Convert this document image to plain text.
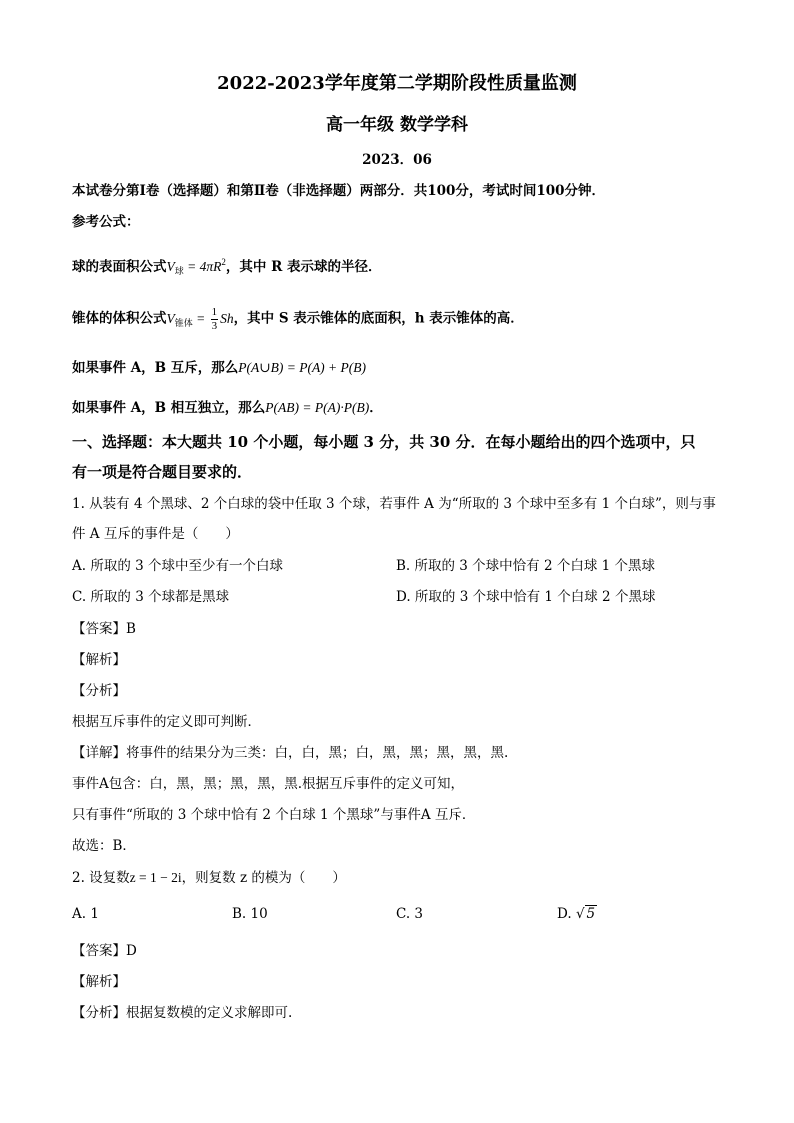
2022-2023学年度第二学期阶段性质量监测
高一年级 数学学科
2023．06
本试卷分第Ⅰ卷（选择题）和第Ⅱ卷（非选择题）两部分．共100分，考试时间100分钟．
参考公式：
球的表面积公式$V_球 = 4\pi R^2$，其中 R 表示球的半径．
锥体的体积公式$V_{锥体} = \frac{1}{3}$ Sh，其中 S 表示锥体的底面积，h 表示锥体的高．
如果事件 A，B 互斥，那么P(A∪B) = P(A) + P(B)
如果事件 A，B 相互独立，那么P(AB) = P(A)·P(B)．
一、选择题：本大题共 10 个小题，每小题 3 分，共 30 分．在每小题给出的四个选项中，只
有一项是符合题目要求的．
1. 从装有 4 个黑球、2 个白球的袋中任取 3 个球，若事件 A 为“所取的 3 个球中至多有 1 个白球”，则与事
件 A 互斥的事件是（　　）
A. 所取的 3 个球中至少有一个白球	B. 所取的 3 个球中恰有 2 个白球 1 个黑球
C. 所取的 3 个球都是黑球	D. 所取的 3 个球中恰有 1 个白球 2 个黑球
【答案】B
【解析】
【分析】
根据互斥事件的定义即可判断．
【详解】将事件的结果分为三类：白，白，黑；白，黑，黑；黑，黑，黑.
事件A包含：白，黑，黑；黑，黑，黑.根据互斥事件的定义可知，
只有事件“所取的 3 个球中恰有 2 个白球 1 个黑球”与事件A 互斥．
故选：B．
2. 设复数z = 1 − 2i，则复数 z 的模为（　　）
A. 1	B. 10	C. 3	D. √ 5
【答案】D
【解析】
【分析】根据复数模的定义求解即可.
